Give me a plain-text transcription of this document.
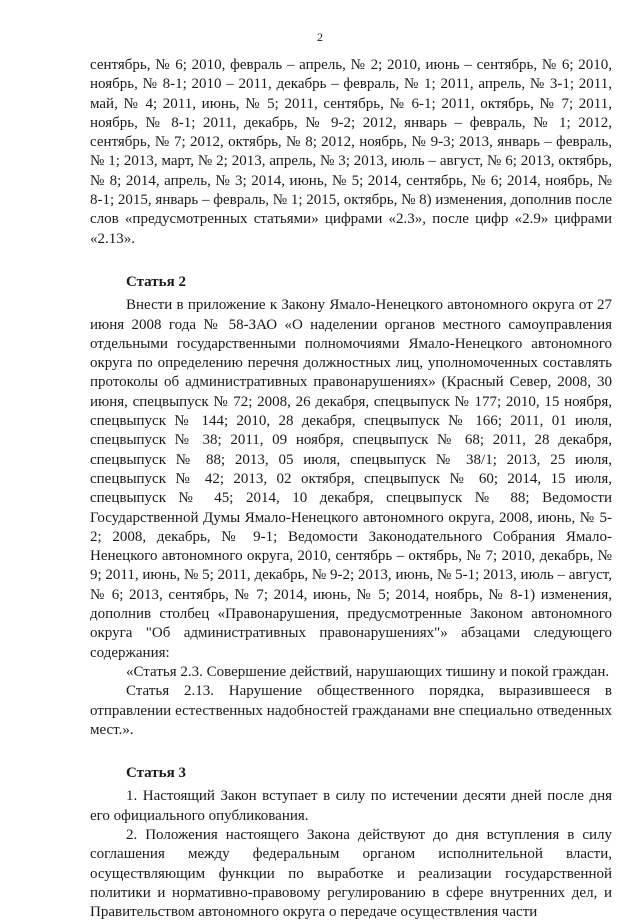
2

сентябрь, № 6; 2010, февраль – апрель, № 2; 2010, июнь – сентябрь, № 6; 2010, ноябрь, № 8-1; 2010 – 2011, декабрь – февраль, № 1; 2011, апрель, № 3-1; 2011, май, № 4; 2011, июнь, № 5; 2011, сентябрь, № 6-1; 2011, октябрь, № 7; 2011, ноябрь, № 8-1; 2011, декабрь, № 9-2; 2012, январь – февраль, № 1; 2012, сентябрь, № 7; 2012, октябрь, № 8; 2012, ноябрь, № 9-3; 2013, январь – февраль, № 1; 2013, март, № 2; 2013, апрель, № 3; 2013, июль – август, № 6; 2013, октябрь, № 8; 2014, апрель, № 3; 2014, июнь, № 5; 2014, сентябрь, № 6; 2014, ноябрь, № 8-1; 2015, январь – февраль, № 1; 2015, октябрь, № 8) изменения, дополнив после слов «предусмотренных статьями» цифрами «2.3», после цифр «2.9» цифрами «2.13».

Статья 2

Внести в приложение к Закону Ямало-Ненецкого автономного округа от 27 июня 2008 года № 58-ЗАО «О наделении органов местного самоуправления отдельными государственными полномочиями Ямало-Ненецкого автономного округа по определению перечня должностных лиц, уполномоченных составлять протоколы об административных правонарушениях» (Красный Север, 2008, 30 июня, спецвыпуск № 72; 2008, 26 декабря, спецвыпуск № 177; 2010, 15 ноября, спецвыпуск № 144; 2010, 28 декабря, спецвыпуск № 166; 2011, 01 июля, спецвыпуск № 38; 2011, 09 ноября, спецвыпуск № 68; 2011, 28 декабря, спецвыпуск № 88; 2013, 05 июля, спецвыпуск № 38/1; 2013, 25 июля, спецвыпуск № 42; 2013, 02 октября, спецвыпуск № 60; 2014, 15 июля, спецвыпуск № 45; 2014, 10 декабря, спецвыпуск № 88; Ведомости Государственной Думы Ямало-Ненецкого автономного округа, 2008, июнь, № 5-2; 2008, декабрь, № 9-1; Ведомости Законодательного Собрания Ямало-Ненецкого автономного округа, 2010, сентябрь – октябрь, № 7; 2010, декабрь, № 9; 2011, июнь, № 5; 2011, декабрь, № 9-2; 2013, июнь, № 5-1; 2013, июль – август, № 6; 2013, сентябрь, № 7; 2014, июнь, № 5; 2014, ноябрь, № 8-1) изменения, дополнив столбец «Правонарушения, предусмотренные Законом автономного округа "Об административных правонарушениях"» абзацами следующего содержания:

«Статья 2.3. Совершение действий, нарушающих тишину и покой граждан.

Статья 2.13. Нарушение общественного порядка, выразившееся в отправлении естественных надобностей гражданами вне специально отведенных мест.».

Статья 3

1. Настоящий Закон вступает в силу по истечении десяти дней после дня его официального опубликования.

2. Положения настоящего Закона действуют до дня вступления в силу соглашения между федеральным органом исполнительной власти, осуществляющим функции по выработке и реализации государственной политики и нормативно-правовому регулированию в сфере внутренних дел, и Правительством автономного округа о передаче осуществления части
